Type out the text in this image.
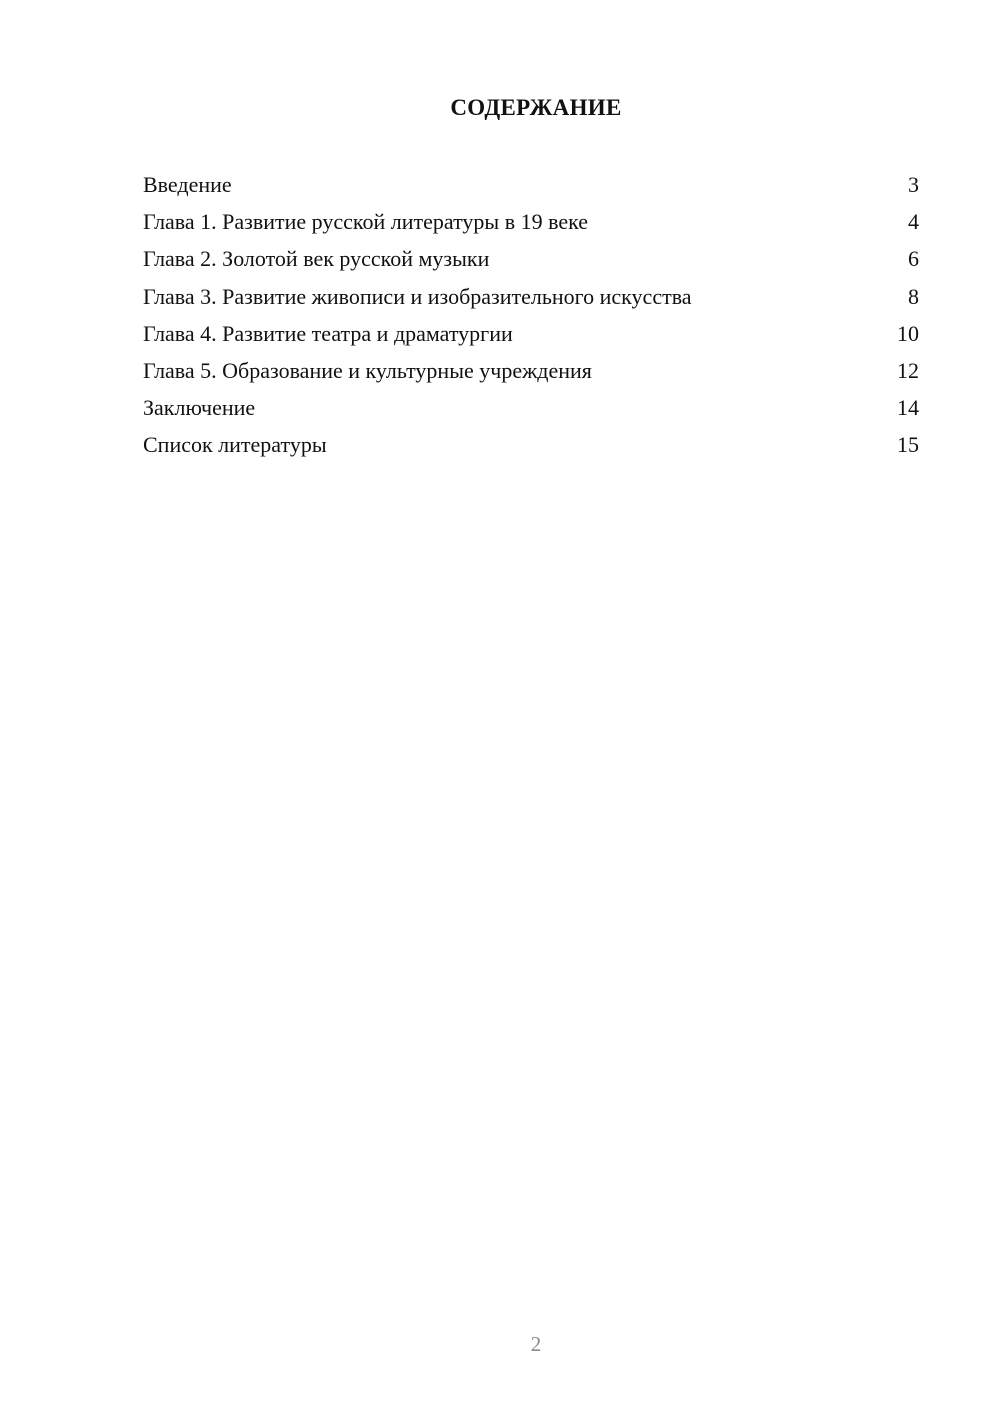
СОДЕРЖАНИЕ
Введение	3
Глава 1. Развитие русской литературы в 19 веке	4
Глава 2. Золотой век русской музыки	6
Глава 3. Развитие живописи и изобразительного искусства	8
Глава 4. Развитие театра и драматургии	10
Глава 5. Образование и культурные учреждения	12
Заключение	14
Список литературы	15
2
